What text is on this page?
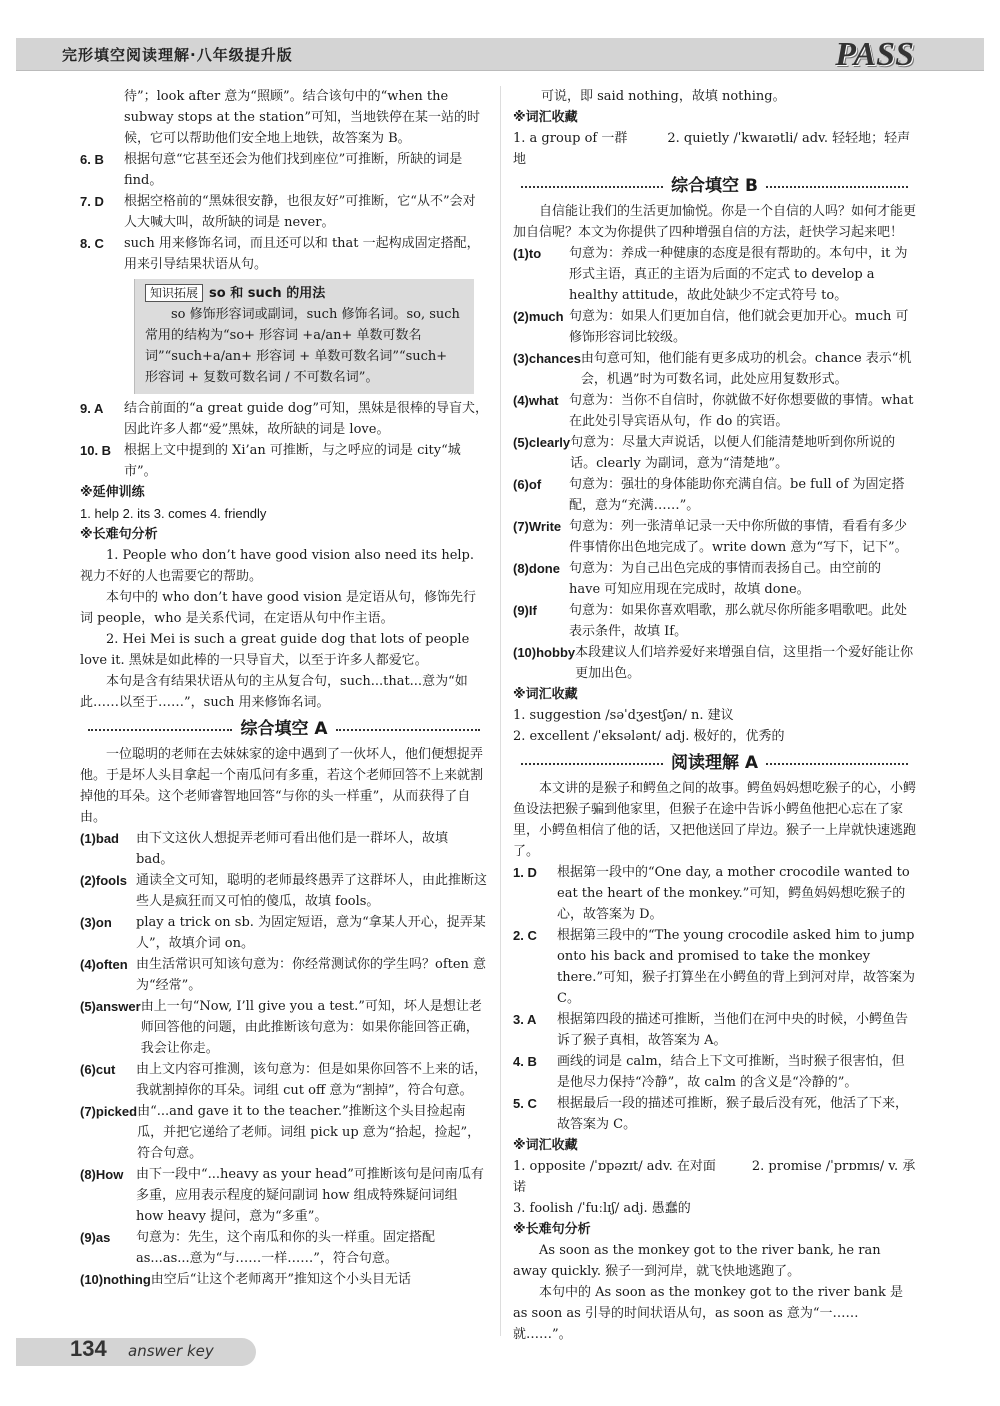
完形填空阅读理解·八年级提升版	PASS

待”；look after 意为“照顾”。结合该句中的“when the subway stops at the station”可知，当地铁停在某一站的时候，它可以帮助他们安全地上地铁，故答案为 B。

6. B	根据句意“它甚至还会为他们找到座位”可推断，所缺的词是 find。
7. D	根据空格前的“黑妹很安静，也很友好”可推断，它“从不”会对人大喊大叫，故所缺的词是 never。
8. C	such 用来修饰名词，而且还可以和 that 一起构成固定搭配，用来引导结果状语从句。
知识拓展 so 和 such 的用法

so 修饰形容词或副词，such 修饰名词。so, such 常用的结构为“so+ 形容词 +a/an+ 单数可数名词”“such+a/an+ 形容词 + 单数可数名词”“such+ 形容词 + 复数可数名词 / 不可数名词”。

9. A	结合前面的“a great guide dog”可知，黑妹是很棒的导盲犬，因此许多人都“爱”黑妹，故所缺的词是 love。
10. B 根据上文中提到的 Xi’an 可推断，与之呼应的词是 city“城市”。

※延伸训练

1. help 2. its 3. comes 4. friendly

※长难句分析

1. People who don’t have good vision also need its help. 视力不好的人也需要它的帮助。

本句中的 who don’t have good vision 是定语从句，修饰先行词 people，who 是关系代词，在定语从句中作主语。

2. Hei Mei is such a great guide dog that lots of people love it. 黑妹是如此棒的一只导盲犬，以至于许多人都爱它。

本句是含有结果状语从句的主从复合句，such...that...意为“如此……以至于……”，such 用来修饰名词。

综合填空 A

一位聪明的老师在去妹妹家的途中遇到了一伙坏人，他们便想捉弄他。于是坏人头目拿起一个南瓜问有多重，若这个老师回答不上来就割掉他的耳朵。这个老师睿智地回答“与你的头一样重”，从而获得了自由。

(1)bad	由下文这伙人想捉弄老师可看出他们是一群坏人，故填 bad。
(2)fools 通读全文可知，聪明的老师最终愚弄了这群坏人，由此推断这些人是疯狂而又可怕的傻瓜，故填 fools。
(3)on	play a trick on sb. 为固定短语，意为“拿某人开心，捉弄某人”，故填介词 on。
(4)often 由生活常识可知该句意为：你经常测试你的学生吗？often 意为“经常”。
(5)answer 由上一句“Now, I’ll give you a test.”可知，坏人是想让老师回答他的问题，由此推断该句意为：如果你能回答正确，我会让你走。
(6)cut	由上文内容可推测，该句意为：但是如果你回答不上来的话，我就割掉你的耳朵。词组 cut off 意为“割掉”，符合句意。
(7)picked 由“...and gave it to the teacher.”推断这个头目捡起南瓜，并把它递给了老师。词组 pick up 意为“拾起，捡起”，符合句意。
(8)How 由下一段中“...heavy as your head”可推断该句是问南瓜有多重，应用表示程度的疑问副词 how 组成特殊疑问词组 how heavy 提问，意为“多重”。
(9)as	句意为：先生，这个南瓜和你的头一样重。固定搭配 as...as...意为“与……一样……”，符合句意。
(10)nothing 由空后“让这个老师离开”推知这个小头目无话

可说，即 said nothing，故填 nothing。

※词汇收藏

1. a group of 一群	2. quietly /ˈkwaɪətli/ adv. 轻轻地；轻声地

综合填空 B

自信能让我们的生活更加愉悦。你是一个自信的人吗？如何才能更加自信呢？本文为你提供了四种增强自信的方法，赶快学习起来吧！

(1)to	句意为：养成一种健康的态度是很有帮助的。本句中，it 为形式主语，真正的主语为后面的不定式 to develop a healthy attitude，故此处缺少不定式符号 to。
(2)much 句意为：如果人们更加自信，他们就会更加开心。much 可修饰形容词比较级。
(3)chances 由句意可知，他们能有更多成功的机会。chance 表示“机会，机遇”时为可数名词，此处应用复数形式。
(4)what 句意为：当你不自信时，你就做不好你想要做的事情。what 在此处引导宾语从句，作 do 的宾语。
(5)clearly 句意为：尽量大声说话，以便人们能清楚地听到你所说的话。clearly 为副词，意为“清楚地”。
(6)of	句意为：强壮的身体能助你充满自信。be full of 为固定搭配，意为“充满……”。
(7)Write 句意为：列一张清单记录一天中你所做的事情，看看有多少件事情你出色地完成了。write down 意为“写下，记下”。
(8)done 句意为：为自己出色完成的事情而表扬自己。由空前的 have 可知应用现在完成时，故填 done。
(9)If	句意为：如果你喜欢唱歌，那么就尽你所能多唱歌吧。此处表示条件，故填 If。
(10)hobby 本段建议人们培养爱好来增强自信，这里指一个爱好能让你更加出色。

※词汇收藏

1. suggestion /səˈdʒestʃən/ n. 建议

2. excellent /ˈeksələnt/ adj. 极好的，优秀的

阅读理解 A

本文讲的是猴子和鳄鱼之间的故事。鳄鱼妈妈想吃猴子的心，小鳄鱼设法把猴子骗到他家里，但猴子在途中告诉小鳄鱼他把心忘在了家里，小鳄鱼相信了他的话，又把他送回了岸边。猴子一上岸就快速逃跑了。

1. D	根据第一段中的“One day, a mother crocodile wanted to eat the heart of the monkey.”可知，鳄鱼妈妈想吃猴子的心，故答案为 D。
2. C	根据第三段中的“The young crocodile asked him to jump onto his back and promised to take the monkey there.”可知，猴子打算坐在小鳄鱼的背上到河对岸，故答案为 C。
3. A	根据第四段的描述可推断，当他们在河中央的时候，小鳄鱼告诉了猴子真相，故答案为 A。
4. B	画线的词是 calm，结合上下文可推断，当时猴子很害怕，但是他尽力保持“冷静”，故 calm 的含义是“冷静的”。
5. C	根据最后一段的描述可推断，猴子最后没有死，他活了下来，故答案为 C。

※词汇收藏

1. opposite /ˈɒpəzɪt/ adv. 在对面	2. promise /ˈprɒmɪs/ v. 承诺

3. foolish /ˈfuːlɪʃ/ adj. 愚蠢的

※长难句分析

As soon as the monkey got to the river bank, he ran away quickly. 猴子一到河岸，就飞快地逃跑了。

本句中的 As soon as the monkey got to the river bank 是 as soon as 引导的时间状语从句，as soon as 意为“一……就……”。

134 answer key
